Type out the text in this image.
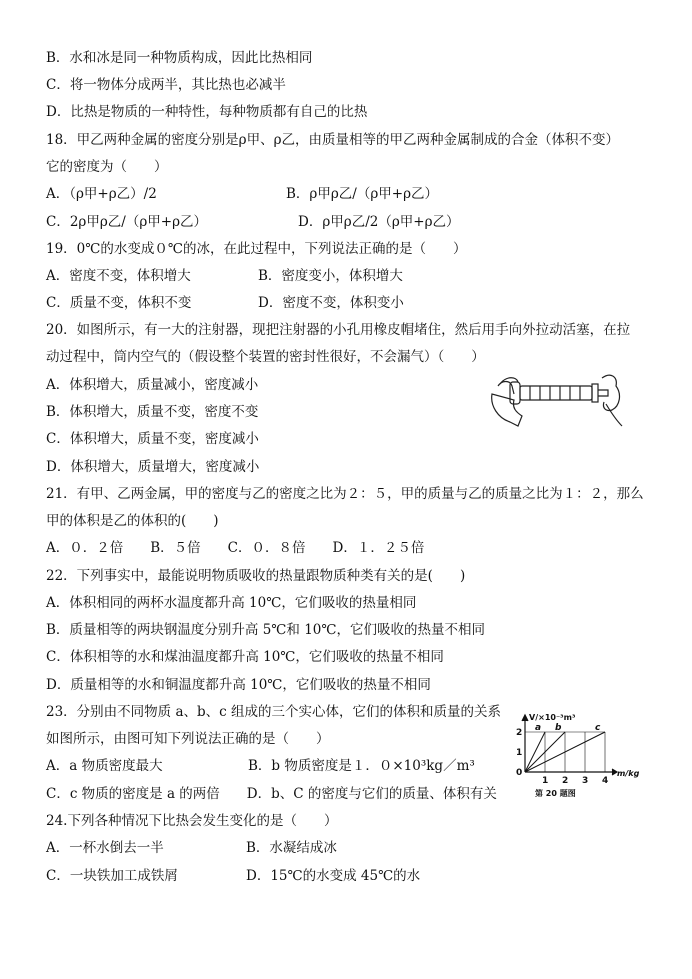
B．水和冰是同一种物质构成，因此比热相同
C．将一物体分成两半，其比热也必减半
D．比热是物质的一种特性，每种物质都有自己的比热
18．甲乙两种金属的密度分别是ρ甲、ρ乙，由质量相等的甲乙两种金属制成的合金（体积不变）
它的密度为（　　）
A．（ρ甲+ρ乙）/2	B．ρ甲ρ乙/（ρ甲+ρ乙）
C．2ρ甲ρ乙/（ρ甲+ρ乙）	D．ρ甲ρ乙/2（ρ甲+ρ乙）
19．0℃的水变成０℃的冰，在此过程中，下列说法正确的是（　　）
A．密度不变，体积增大	B．密度变小，体积增大
C．质量不变，体积不变	D．密度不变，体积变小
20．如图所示，有一大的注射器，现把注射器的小孔用橡皮帽堵住，然后用手向外拉动活塞，在拉
动过程中，筒内空气的（假设整个装置的密封性很好，不会漏气）（　　）
A．体积增大，质量减小，密度减小
B．体积增大，质量不变，密度不变
C．体积增大，质量不变，密度减小
D．体积增大，质量增大，密度减小
21．有甲、乙两金属，甲的密度与乙的密度之比为２：５，甲的质量与乙的质量之比为１：２，那么
甲的体积是乙的体积的(　　)
A．０．２倍　　B．５倍　　C．０．８倍　　D．１．２５倍
22．下列事实中，最能说明物质吸收的热量跟物质种类有关的是(　　)
A．体积相同的两杯水温度都升高 10℃，它们吸收的热量相同
B．质量相等的两块钢温度分别升高 5℃和 10℃，它们吸收的热量不相同
C．体积相等的水和煤油温度都升高 10℃，它们吸收的热量不相同
D．质量相等的水和铜温度都升高 10℃，它们吸收的热量不相同
23．分别由不同物质 a、b、c 组成的三个实心体，它们的体积和质量的关系
如图所示，由图可知下列说法正确的是（　　）
A．a 物质密度最大	B．b 物质密度是１．０×10³kg／m³
C．c 物质的密度是 a 的两倍　　D．b、C 的密度与它们的质量、体积有关
1 2 3 4
1
2
0
a b	c
V/×10⁻³m³
m/kg
第 20 题图
24.下列各种情况下比热会发生变化的是（　　）
A．一杯水倒去一半	B．水凝结成冰
C．一块铁加工成铁屑	D．15℃的水变成 45℃的水
